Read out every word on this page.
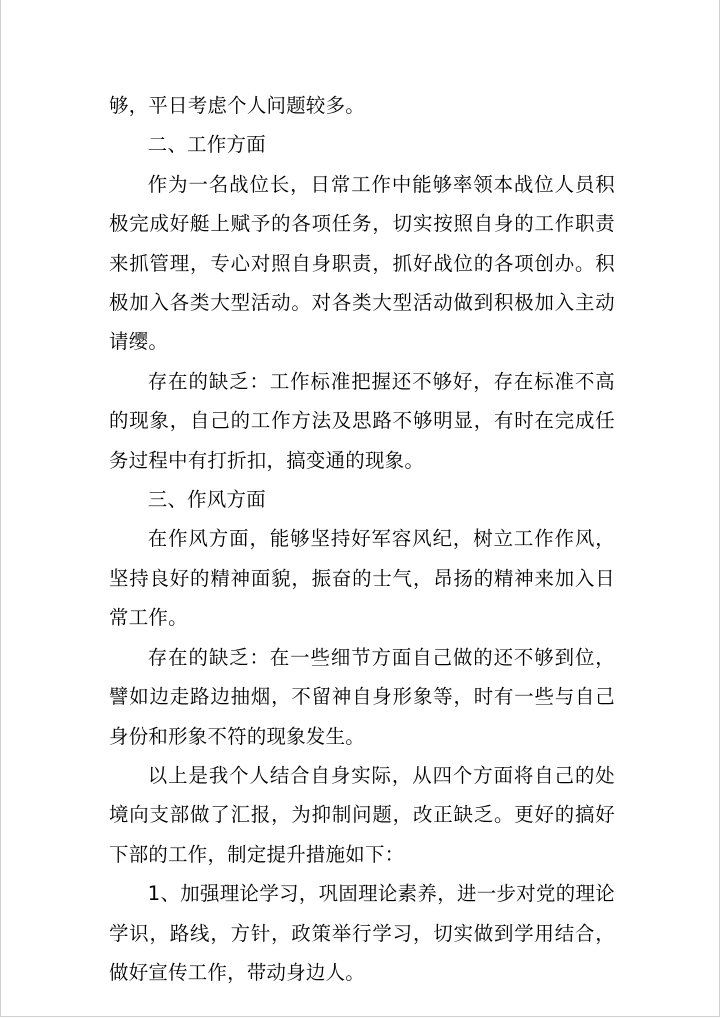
够，平日考虑个人问题较多。

二、工作方面

作为一名战位长，日常工作中能够率领本战位人员积极完成好艇上赋予的各项任务，切实按照自身的工作职责来抓管理，专心对照自身职责，抓好战位的各项创办。积极加入各类大型活动。对各类大型活动做到积极加入主动请缨。

存在的缺乏：工作标准把握还不够好，存在标准不高的现象，自己的工作方法及思路不够明显，有时在完成任务过程中有打折扣，搞变通的现象。

三、作风方面

在作风方面，能够坚持好军容风纪，树立工作作风，坚持良好的精神面貌，振奋的士气，昂扬的精神来加入日常工作。

存在的缺乏：在一些细节方面自己做的还不够到位，譬如边走路边抽烟，不留神自身形象等，时有一些与自己身份和形象不符的现象发生。

以上是我个人结合自身实际，从四个方面将自己的处境向支部做了汇报，为抑制问题，改正缺乏。更好的搞好下部的工作，制定提升措施如下：

1、加强理论学习，巩固理论素养，进一步对党的理论学识，路线，方针，政策举行学习，切实做到学用结合，做好宣传工作，带动身边人。
